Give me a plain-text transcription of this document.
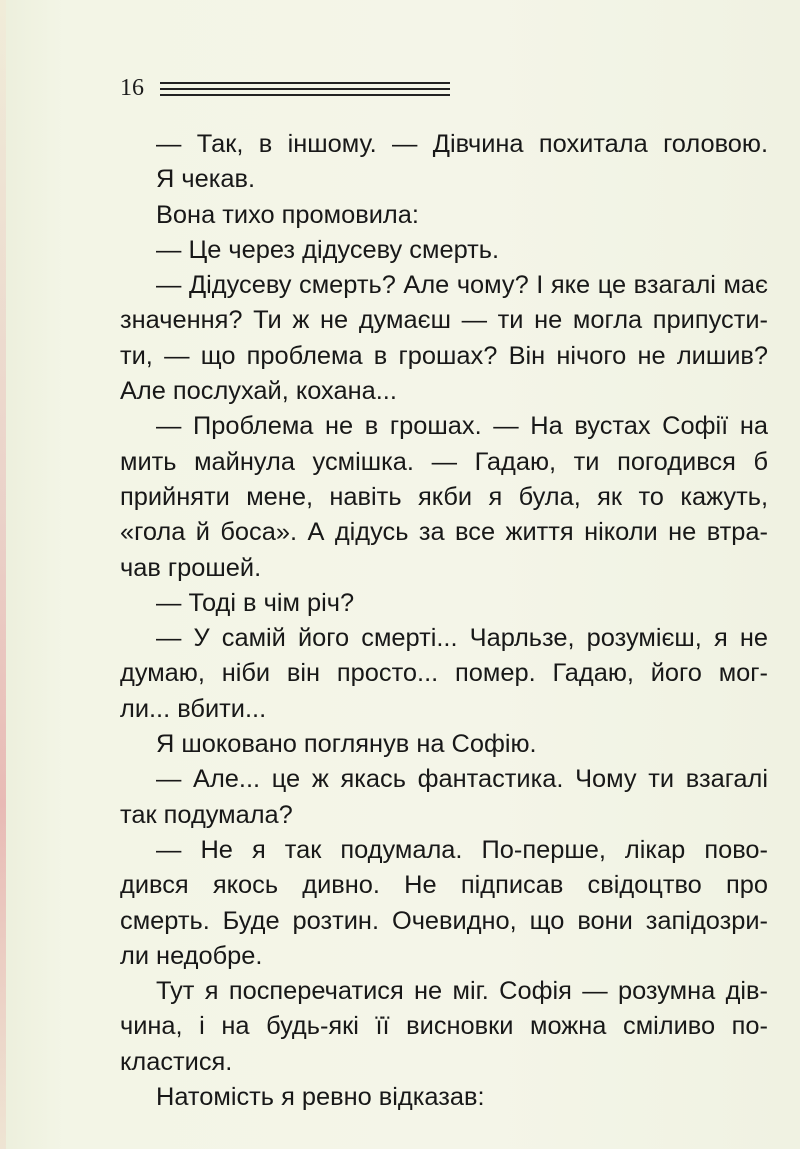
16
— Так, в іншому. — Дівчина похитала головою.
Я чекав.
Вона тихо промовила:
— Це через дідусеву смерть.
— Дідусеву смерть? Але чому? І яке це взагалі має
значення? Ти ж не думаєш — ти не могла припусти-
ти, — що проблема в грошах? Він нічого не лишив?
Але послухай, кохана...
— Проблема не в грошах. — На вустах Софії на
мить майнула усмішка. — Гадаю, ти погодився б
прийняти мене, навіть якби я була, як то кажуть,
«гола й боса». А дідусь за все життя ніколи не втра-
чав грошей.
— Тоді в чім річ?
— У самій його смерті... Чарльзе, розумієш, я не
думаю, ніби він просто... помер. Гадаю, його мог-
ли... вбити...
Я шоковано поглянув на Софію.
— Але... це ж якась фантастика. Чому ти взагалі
так подумала?
— Не я так подумала. По-перше, лікар пово-
дився якось дивно. Не підписав свідоцтво про
смерть. Буде розтин. Очевидно, що вони запідозри-
ли недобре.
Тут я посперечатися не міг. Софія — розумна дів-
чина, і на будь-які її висновки можна сміливо по-
кластися.
Натомість я ревно відказав:
